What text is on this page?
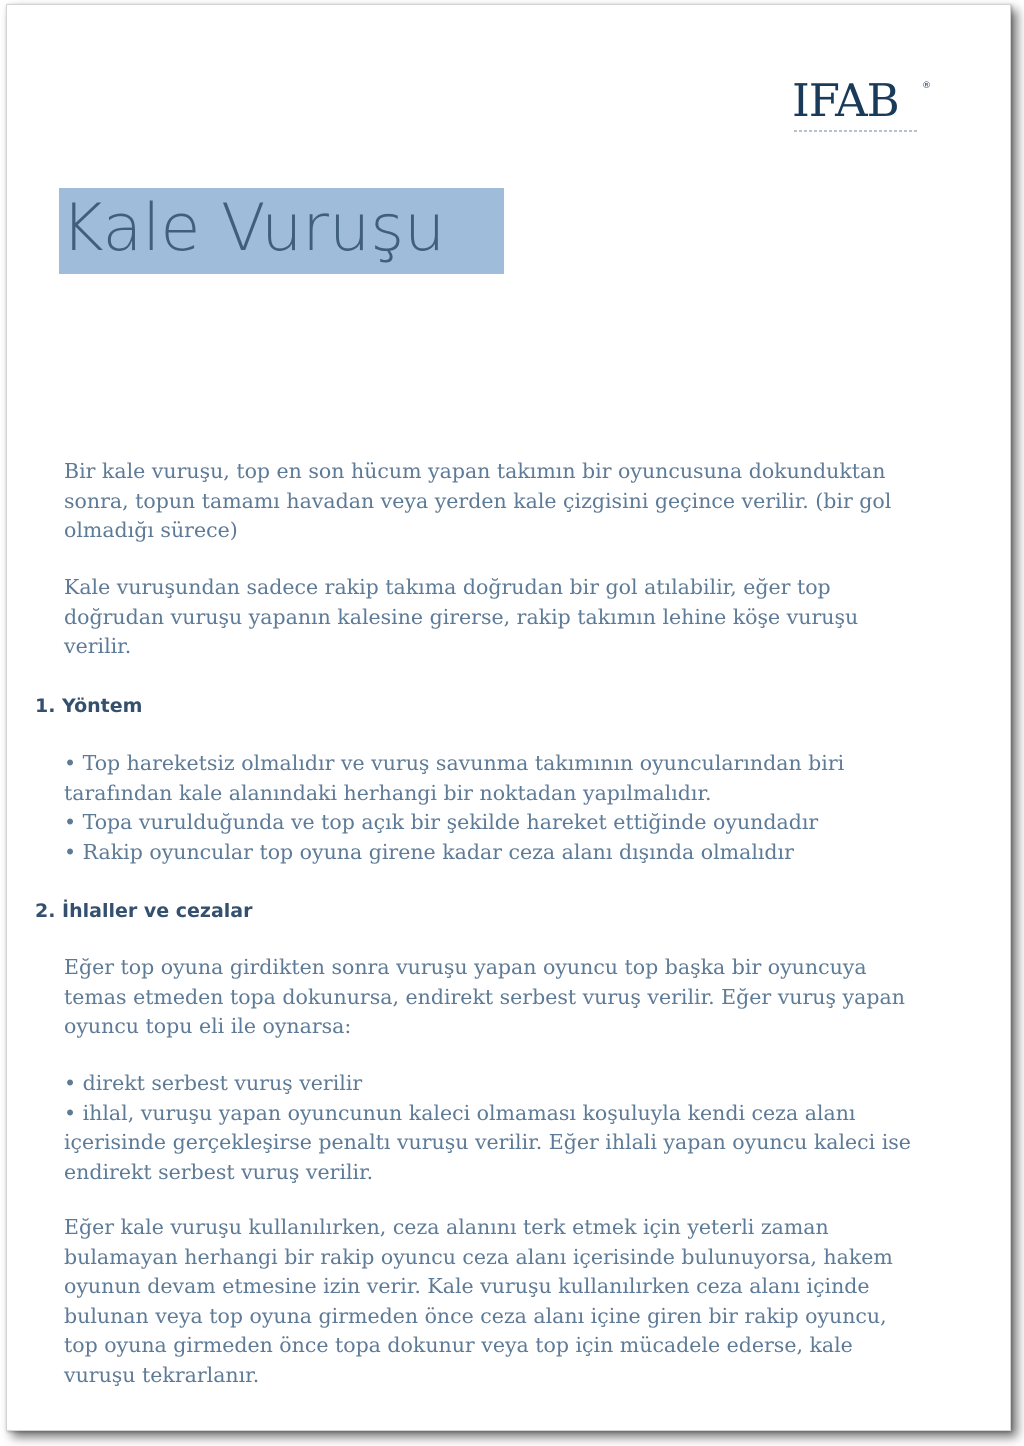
IFAB	®
Kale Vuruşu

Bir kale vuruşu, top en son hücum yapan takımın bir oyuncusuna dokunduktan sonra, topun tamamı havadan veya yerden kale çizgisini geçince verilir. (bir gol olmadığı sürece)

Kale vuruşundan sadece rakip takıma doğrudan bir gol atılabilir, eğer top doğrudan vuruşu yapanın kalesine girerse, rakip takımın lehine köşe vuruşu verilir.

1. Yöntem

• Top hareketsiz olmalıdır ve vuruş savunma takımının oyuncularından biri tarafından kale alanındaki herhangi bir noktadan yapılmalıdır.
• Topa vurulduğunda ve top açık bir şekilde hareket ettiğinde oyundadır
• Rakip oyuncular top oyuna girene kadar ceza alanı dışında olmalıdır

2. İhlaller ve cezalar

Eğer top oyuna girdikten sonra vuruşu yapan oyuncu top başka bir oyuncuya temas etmeden topa dokunursa, endirekt serbest vuruş verilir. Eğer vuruş yapan oyuncu topu eli ile oynarsa:

• direkt serbest vuruş verilir
• ihlal, vuruşu yapan oyuncunun kaleci olmaması koşuluyla kendi ceza alanı içerisinde gerçekleşirse penaltı vuruşu verilir. Eğer ihlali yapan oyuncu kaleci ise endirekt serbest vuruş verilir.

Eğer kale vuruşu kullanılırken, ceza alanını terk etmek için yeterli zaman bulamayan herhangi bir rakip oyuncu ceza alanı içerisinde bulunuyorsa, hakem oyunun devam etmesine izin verir. Kale vuruşu kullanılırken ceza alanı içinde bulunan veya top oyuna girmeden önce ceza alanı içine giren bir rakip oyuncu, top oyuna girmeden önce topa dokunur veya top için mücadele ederse, kale vuruşu tekrarlanır.
